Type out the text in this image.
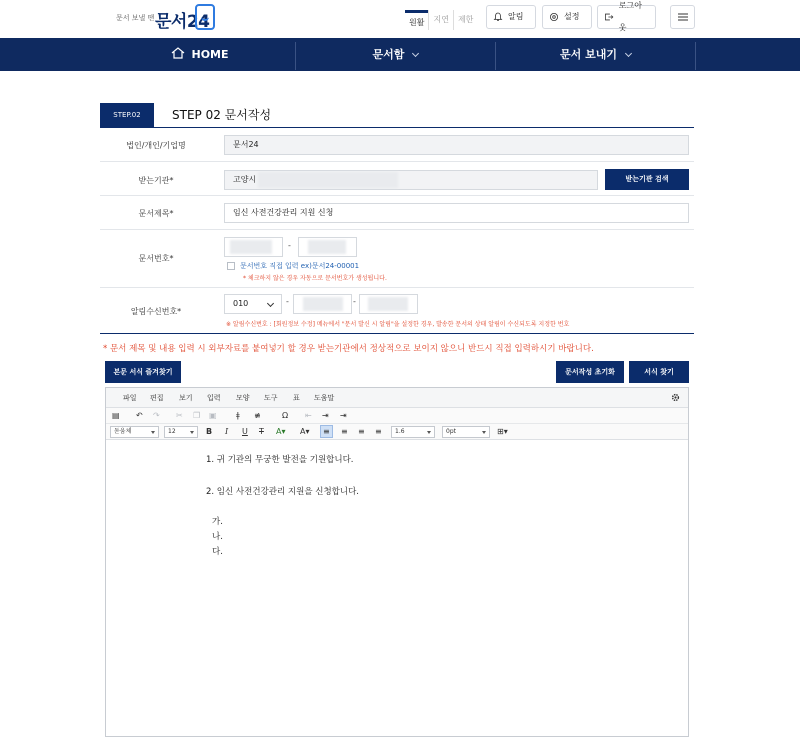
문서 보낼 땐 문서24	원활	지연	제한	알림	설정
로그아웃
HOME	문서함	문서 보내기
STEP.02	STEP 02 문서작성
법인/개인/기업명	문서24
받는기관*	고양시	받는기관 검색
문서제목*	임신 사전건강관리 지원 신청
문서번호*
-
문서번호 직접 입력 ex)문서24-00001
* 체크하지 않은 경우 자동으로 문서번호가 생성됩니다.
알림수신번호*
010	-	-
※ 알림수신번호 : [회원정보 수정] 메뉴에서 "문서 발신 시 알림"을 설정한 경우, 발송한 문서의 상태 알림이 수신되도록 지정한 번호
* 문서 제목 및 내용 입력 시 외부자료를 붙여넣기 할 경우 받는기관에서 정상적으로 보이지 않으니 반드시 직접 입력하시기 바랍니다.
본문 서식 즐겨찾기	문서작성 초기화	서식 찾기
파일 편집 보기 입력 모양 도구 표 도움말
▤ ↶ ↷ ✂ ❐ ▣ ǂ ≢	Ω ⇤ ⇥ ⇥
돋움체	12	B I U T A▾ A▾ ≡ ≡ ≡ ≡	1.6	0pt	⊞▾
1. 귀 기관의 무궁한 발전을 기원합니다.
2. 임신 사전건강관리 지원을 신청합니다.
가.
나.
다.
